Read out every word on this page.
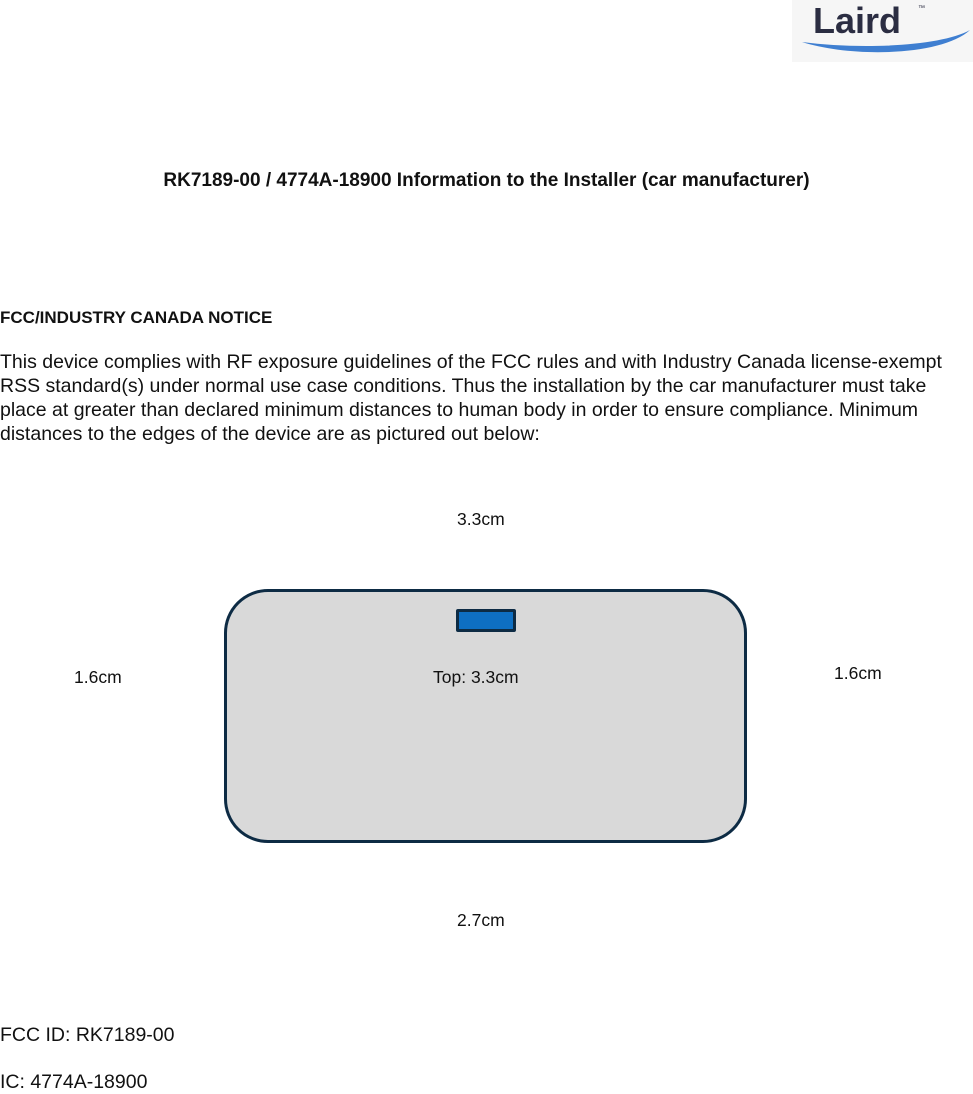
Laird ™
RK7189-00 / 4774A-18900 Information to the Installer (car manufacturer)
FCC/INDUSTRY CANADA NOTICE
This device complies with RF exposure guidelines of the FCC rules and with Industry Canada license-exempt RSS standard(s) under normal use case conditions. Thus the installation by the car manufacturer must take place at greater than declared minimum distances to human body in order to ensure compliance. Minimum distances to the edges of the device are as pictured out below:
3.3cm
1.6cm	1.6cm
Top: 3.3cm
2.7cm
FCC ID: RK7189-00
IC: 4774A-18900
